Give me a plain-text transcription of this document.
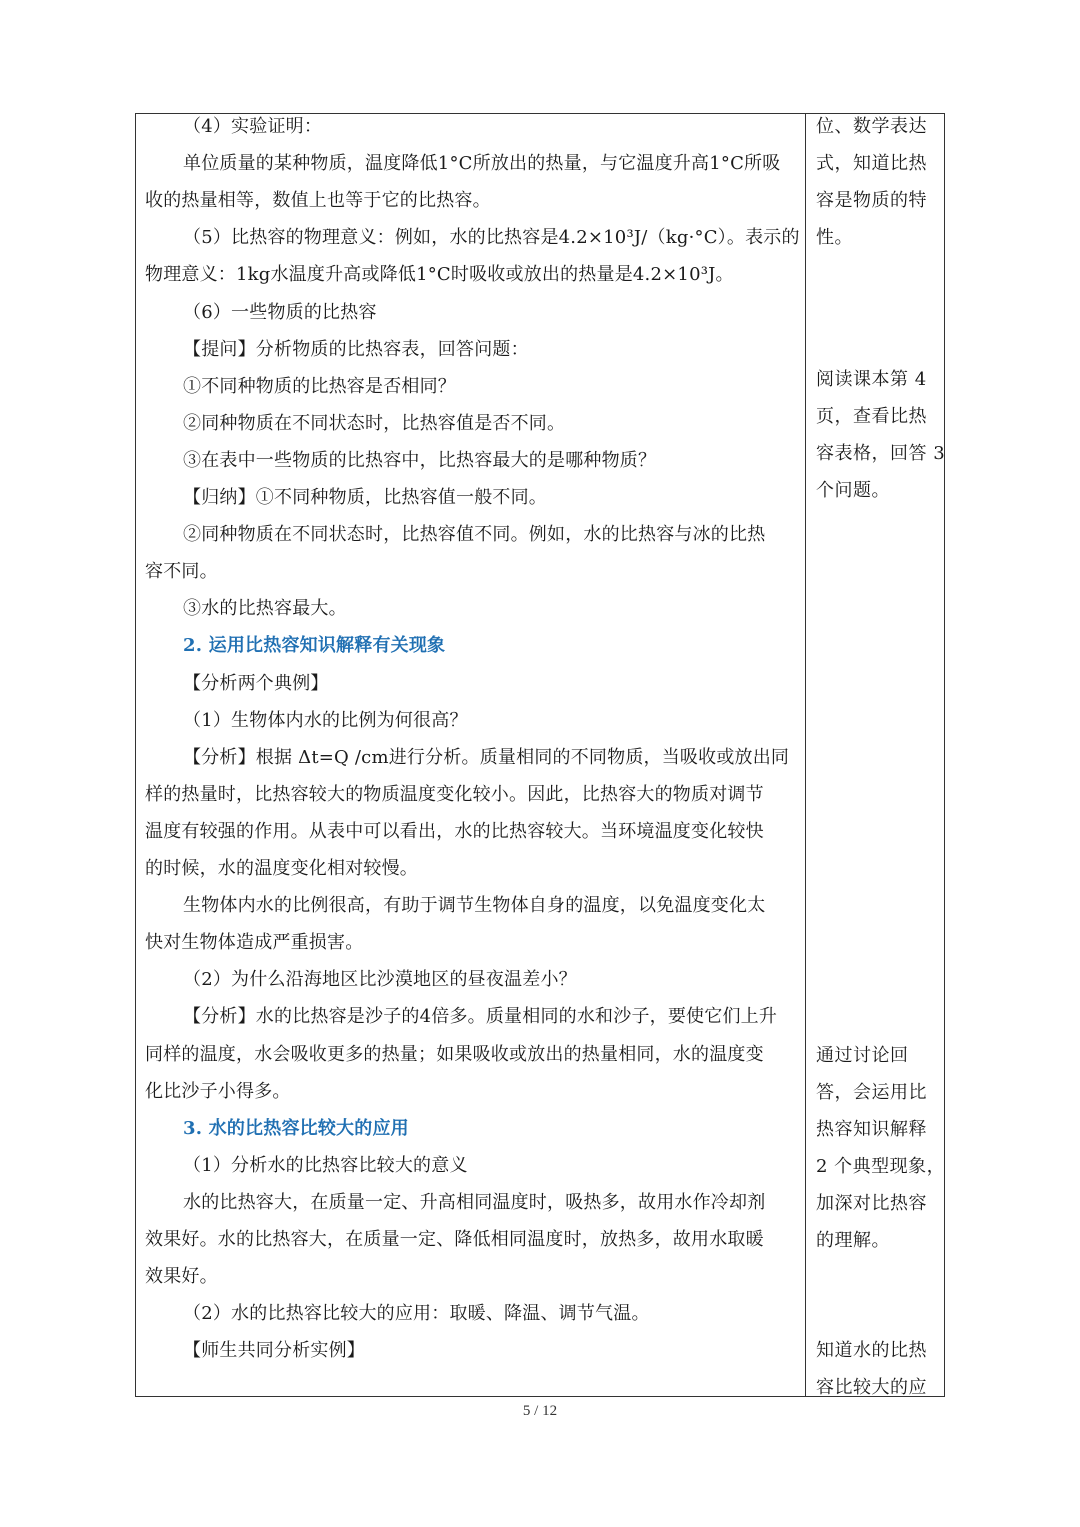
（4）实验证明：
单位质量的某种物质，温度降低1°C所放出的热量，与它温度升高1°C所吸
收的热量相等，数值上也等于它的比热容。
（5）比热容的物理意义：例如，水的比热容是4.2×10³J/（kg·°C）。表示的
物理意义：1kg水温度升高或降低1°C时吸收或放出的热量是4.2×10³J。
（6）一些物质的比热容
【提问】分析物质的比热容表，回答问题：
①不同种物质的比热容是否相同？
②同种物质在不同状态时，比热容值是否不同。
③在表中一些物质的比热容中，比热容最大的是哪种物质？
【归纳】①不同种物质，比热容值一般不同。
②同种物质在不同状态时，比热容值不同。例如，水的比热容与冰的比热
容不同。
③水的比热容最大。
2. 运用比热容知识解释有关现象
【分析两个典例】
（1）生物体内水的比例为何很高？
【分析】根据 Δt=Q /cm进行分析。质量相同的不同物质，当吸收或放出同
样的热量时，比热容较大的物质温度变化较小。因此，比热容大的物质对调节
温度有较强的作用。从表中可以看出，水的比热容较大。当环境温度变化较快
的时候，水的温度变化相对较慢。
生物体内水的比例很高，有助于调节生物体自身的温度，以免温度变化太
快对生物体造成严重损害。
（2）为什么沿海地区比沙漠地区的昼夜温差小？
【分析】水的比热容是沙子的4倍多。质量相同的水和沙子，要使它们上升
同样的温度，水会吸收更多的热量；如果吸收或放出的热量相同，水的温度变
化比沙子小得多。
3. 水的比热容比较大的应用
（1）分析水的比热容比较大的意义
水的比热容大，在质量一定、升高相同温度时，吸热多，故用水作冷却剂
效果好。水的比热容大，在质量一定、降低相同温度时，放热多，故用水取暖
效果好。
（2）水的比热容比较大的应用：取暖、降温、调节气温。
【师生共同分析实例】
位、数学表达
式，知道比热
容是物质的特
性。
阅读课本第 4
页，查看比热
容表格，回答 3
个问题。
通过讨论回
答，会运用比
热容知识解释
2 个典型现象，
加深对比热容
的理解。
知道水的比热
容比较大的应
5 / 12
